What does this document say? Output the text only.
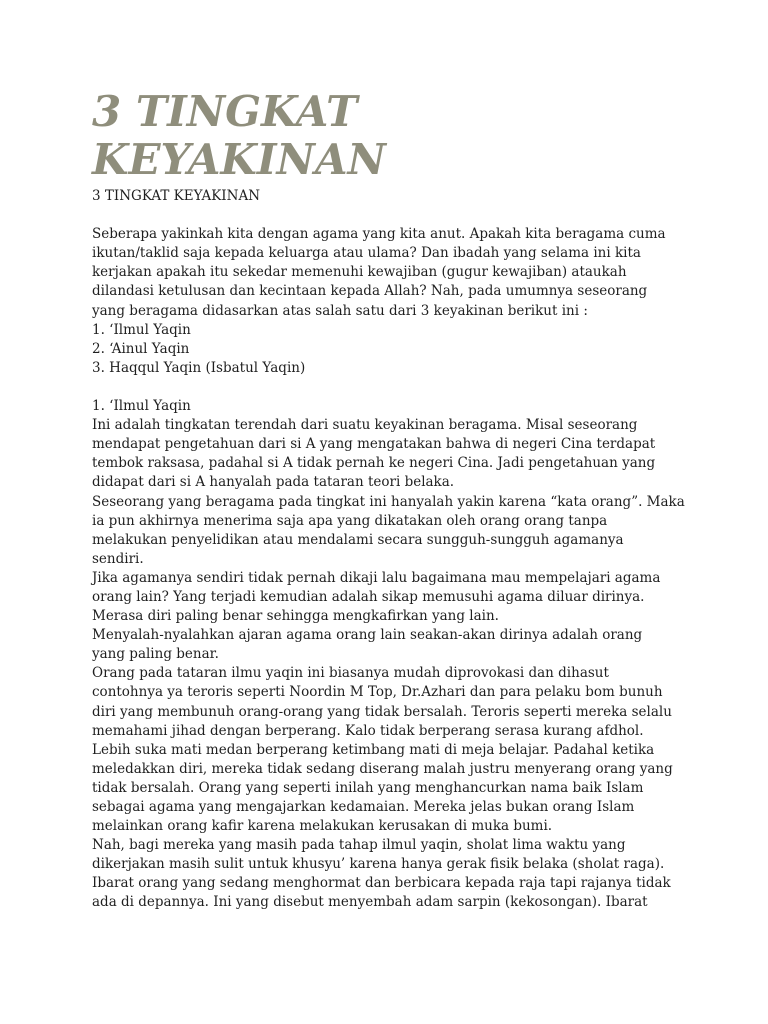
3 TINGKAT
KEYAKINAN
3 TINGKAT KEYAKINAN
Seberapa yakinkah kita dengan agama yang kita anut. Apakah kita beragama cuma
ikutan/taklid saja kepada keluarga atau ulama? Dan ibadah yang selama ini kita
kerjakan apakah itu sekedar memenuhi kewajiban (gugur kewajiban) ataukah
dilandasi ketulusan dan kecintaan kepada Allah? Nah, pada umumnya seseorang
yang beragama didasarkan atas salah satu dari 3 keyakinan berikut ini :
1. ‘Ilmul Yaqin
2. ‘Ainul Yaqin
3. Haqqul Yaqin (Isbatul Yaqin)
1. ‘Ilmul Yaqin
Ini adalah tingkatan terendah dari suatu keyakinan beragama. Misal seseorang
mendapat pengetahuan dari si A yang mengatakan bahwa di negeri Cina terdapat
tembok raksasa, padahal si A tidak pernah ke negeri Cina. Jadi pengetahuan yang
didapat dari si A hanyalah pada tataran teori belaka.
Seseorang yang beragama pada tingkat ini hanyalah yakin karena “kata orang”. Maka
ia pun akhirnya menerima saja apa yang dikatakan oleh orang orang tanpa
melakukan penyelidikan atau mendalami secara sungguh-sungguh agamanya
sendiri.
Jika agamanya sendiri tidak pernah dikaji lalu bagaimana mau mempelajari agama
orang lain? Yang terjadi kemudian adalah sikap memusuhi agama diluar dirinya.
Merasa diri paling benar sehingga mengkafirkan yang lain.
Menyalah-nyalahkan ajaran agama orang lain seakan-akan dirinya adalah orang
yang paling benar.
Orang pada tataran ilmu yaqin ini biasanya mudah diprovokasi dan dihasut
contohnya ya teroris seperti Noordin M Top, Dr.Azhari dan para pelaku bom bunuh
diri yang membunuh orang-orang yang tidak bersalah. Teroris seperti mereka selalu
memahami jihad dengan berperang. Kalo tidak berperang serasa kurang afdhol.
Lebih suka mati medan berperang ketimbang mati di meja belajar. Padahal ketika
meledakkan diri, mereka tidak sedang diserang malah justru menyerang orang yang
tidak bersalah. Orang yang seperti inilah yang menghancurkan nama baik Islam
sebagai agama yang mengajarkan kedamaian. Mereka jelas bukan orang Islam
melainkan orang kafir karena melakukan kerusakan di muka bumi.
Nah, bagi mereka yang masih pada tahap ilmul yaqin, sholat lima waktu yang
dikerjakan masih sulit untuk khusyu’ karena hanya gerak fisik belaka (sholat raga).
Ibarat orang yang sedang menghormat dan berbicara kepada raja tapi rajanya tidak
ada di depannya. Ini yang disebut menyembah adam sarpin (kekosongan). Ibarat
